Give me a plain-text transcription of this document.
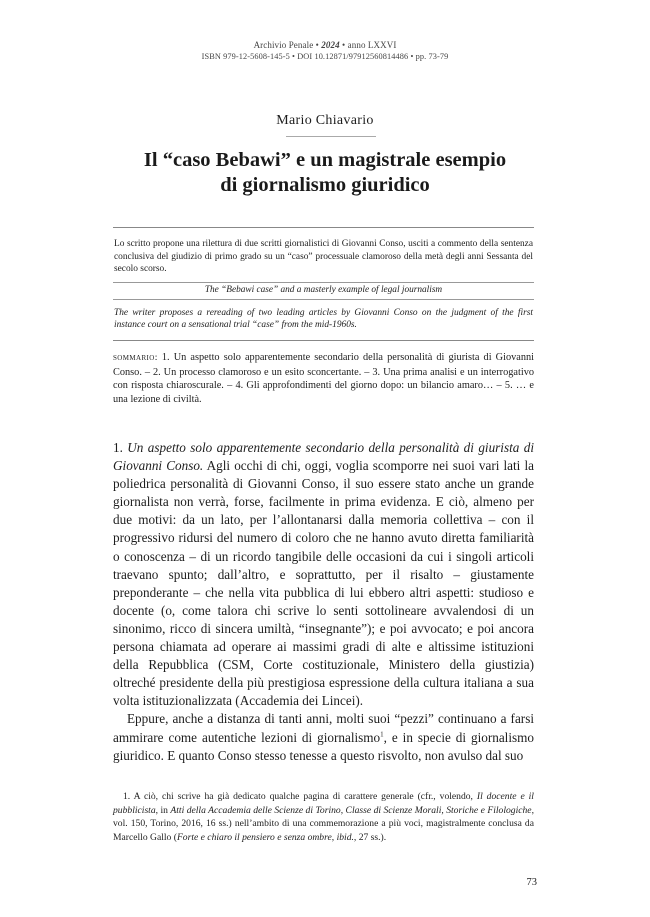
Archivio Penale • 2024 • anno LXXVI
ISBN 979-12-5608-145-5 • DOI 10.12871/97912560814486 • pp. 73-79
Mario Chiavario
Il “caso Bebawi” e un magistrale esempio
di giornalismo giuridico
Lo scritto propone una rilettura di due scritti giornalistici di Giovanni Conso, usciti a commento della sentenza conclusiva del giudizio di primo grado su un “caso” processuale clamoroso della metà degli anni Sessanta del secolo scorso.
The “Bebawi case” and a masterly example of legal journalism
The writer proposes a rereading of two leading articles by Giovanni Conso on the judgment of the first instance court on a sensational trial “case” from the mid-1960s.
sommario: 1. Un aspetto solo apparentemente secondario della personalità di giurista di Giovanni Conso. – 2. Un processo clamoroso e un esito sconcertante. – 3. Una prima analisi e un interrogativo con risposta chiaroscurale. – 4. Gli approfondimenti del giorno dopo: un bilancio amaro… – 5. … e una lezione di civiltà.

1. Un aspetto solo apparentemente secondario della personalità di giurista di Giovanni Conso. Agli occhi di chi, oggi, voglia scomporre nei suoi vari lati la poliedrica personalità di Giovanni Conso, il suo essere stato anche un grande giornalista non verrà, forse, facilmente in prima evidenza. E ciò, almeno per due motivi: da un lato, per l’allontanarsi dalla memoria collettiva – con il progressivo ridursi del numero di coloro che ne hanno avuto diretta familiarità o conoscenza – di un ricordo tangibile delle occasioni da cui i singoli articoli traevano spunto; dall’altro, e soprattutto, per il risalto – giustamente preponderante – che nella vita pubblica di lui ebbero altri aspetti: studioso e docente (o, come talora chi scrive lo senti sottolineare avvalendosi di un sinonimo, ricco di sincera umiltà, “insegnante”); e poi avvocato; e poi ancora persona chiamata ad operare ai massimi gradi di alte e altissime istituzioni della Repubblica (CSM, Corte costituzionale, Ministero della giustizia) oltreché presidente della più prestigiosa espressione della cultura italiana a sua volta istituzionalizzata (Accademia dei Lincei).

Eppure, anche a distanza di tanti anni, molti suoi “pezzi” continuano a farsi ammirare come autentiche lezioni di giornalismo$^1$, e in specie di giornalismo giuridico. E quanto Conso stesso tenesse a questo risvolto, non avulso dal suo

1. A ciò, chi scrive ha già dedicato qualche pagina di carattere generale (cfr., volendo, Il docente e il pubblicista, in Atti della Accademia delle Scienze di Torino, Classe di Scienze Morali, Storiche e Filologiche, vol. 150, Torino, 2016, 16 ss.) nell’ambito di una commemorazione a più voci, magistralmente conclusa da Marcello Gallo (Forte e chiaro il pensiero e senza ombre, ibid., 27 ss.).
73
